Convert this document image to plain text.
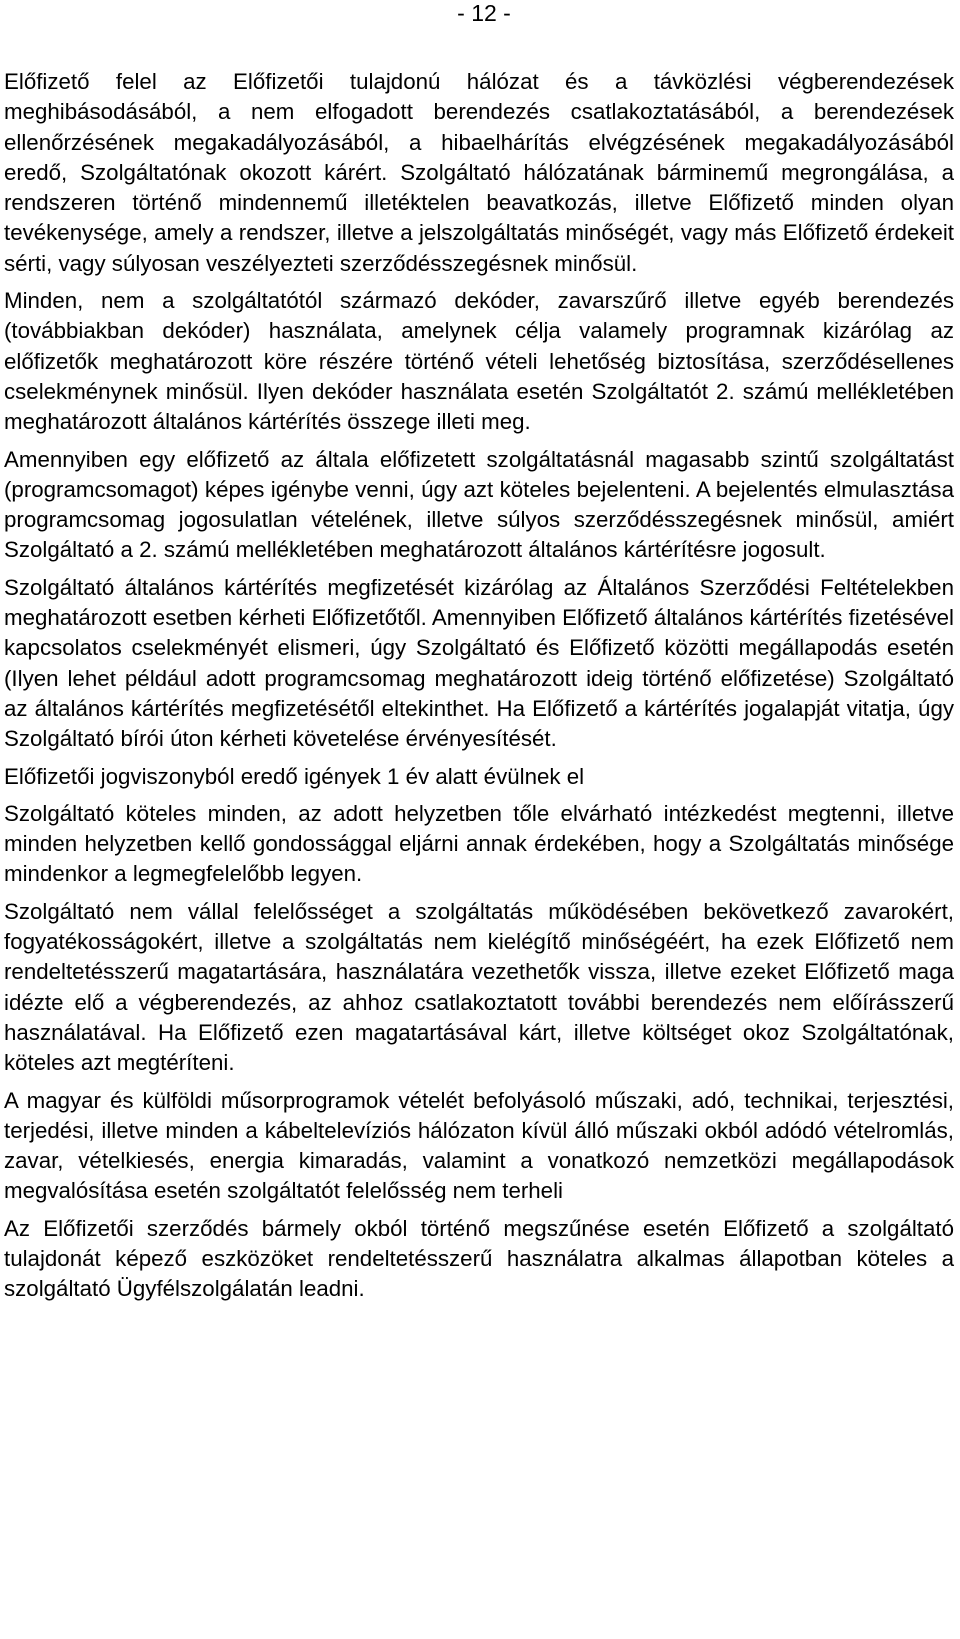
- 12 -

Előfizető felel az Előfizetői tulajdonú hálózat és a távközlési végberendezések meghibásodásából, a nem elfogadott berendezés csatlakoztatásából, a berendezések ellenőrzésének megakadályozásából, a hibaelhárítás elvégzésének megakadályozásából eredő, Szolgáltatónak okozott kárért. Szolgáltató hálózatának bárminemű megrongálása, a rendszeren történő mindennemű illetéktelen beavatkozás, illetve Előfizető minden olyan tevékenysége, amely a rendszer, illetve a jelszolgáltatás minőségét, vagy más Előfizető érdekeit sérti, vagy súlyosan veszélyezteti szerződésszegésnek minősül.

Minden, nem a szolgáltatótól származó dekóder, zavarszűrő illetve egyéb berendezés (továbbiakban dekóder) használata, amelynek célja valamely programnak kizárólag az előfizetők meghatározott köre részére történő vételi lehetőség biztosítása, szerződésellenes cselekménynek minősül. Ilyen dekóder használata esetén Szolgáltatót 2. számú mellékletében meghatározott általános kártérítés összege illeti meg.

Amennyiben egy előfizető az általa előfizetett szolgáltatásnál magasabb szintű szolgáltatást (programcsomagot) képes igénybe venni, úgy azt köteles bejelenteni. A bejelentés elmulasztása programcsomag jogosulatlan vételének, illetve súlyos szerződésszegésnek minősül, amiért Szolgáltató a 2. számú mellékletében meghatározott általános kártérítésre jogosult.

Szolgáltató általános kártérítés megfizetését kizárólag az Általános Szerződési Feltételekben meghatározott esetben kérheti Előfizetőtől. Amennyiben Előfizető általános kártérítés fizetésével kapcsolatos cselekményét elismeri, úgy Szolgáltató és Előfizető közötti megállapodás esetén (Ilyen lehet például adott programcsomag meghatározott ideig történő előfizetése) Szolgáltató az általános kártérítés megfizetésétől eltekinthet. Ha Előfizető a kártérítés jogalapját vitatja, úgy Szolgáltató bírói úton kérheti követelése érvényesítését.

Előfizetői jogviszonyból eredő igények 1 év alatt évülnek el

Szolgáltató köteles minden, az adott helyzetben tőle elvárható intézkedést megtenni, illetve minden helyzetben kellő gondossággal eljárni annak érdekében, hogy a Szolgáltatás minősége mindenkor a legmegfelelőbb legyen.

Szolgáltató nem vállal felelősséget a szolgáltatás működésében bekövetkező zavarokért, fogyatékosságokért, illetve a szolgáltatás nem kielégítő minőségéért, ha ezek Előfizető nem rendeltetésszerű magatartására, használatára vezethetők vissza, illetve ezeket Előfizető maga idézte elő a végberendezés, az ahhoz csatlakoztatott további berendezés nem előírásszerű használatával. Ha Előfizető ezen magatartásával kárt, illetve költséget okoz Szolgáltatónak, köteles azt megtéríteni.

A magyar és külföldi műsorprogramok vételét befolyásoló műszaki, adó, technikai, terjesztési, terjedési, illetve minden a kábeltelevíziós hálózaton kívül álló műszaki okból adódó vételromlás, zavar, vételkiesés, energia kimaradás, valamint a vonatkozó nemzetközi megállapodások megvalósítása esetén szolgáltatót felelősség nem terheli

Az Előfizetői szerződés bármely okból történő megszűnése esetén Előfizető a szolgáltató tulajdonát képező eszközöket rendeltetésszerű használatra alkalmas állapotban köteles a szolgáltató Ügyfélszolgálatán leadni.
